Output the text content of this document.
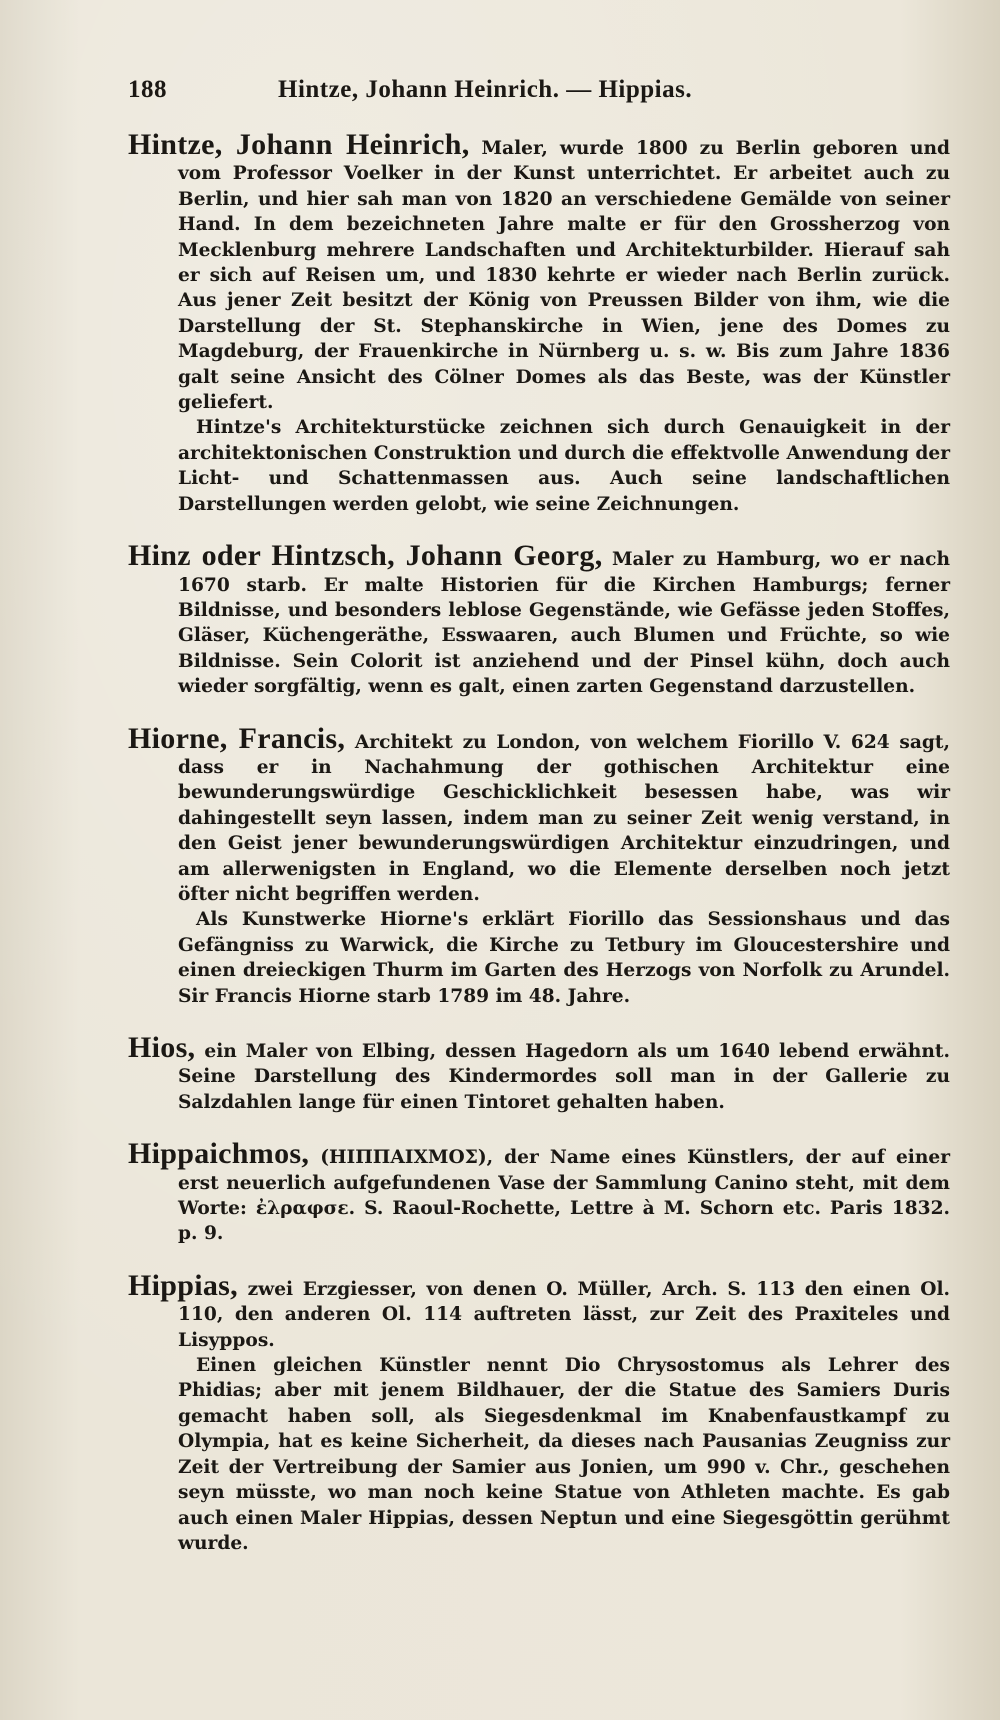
188	Hintze, Johann Heinrich. — Hippias.

Hintze, Johann Heinrich, Maler, wurde 1800 zu Berlin geboren und vom Professor Voelker in der Kunst unterrichtet. Er arbeitet auch zu Berlin, und hier sah man von 1820 an verschiedene Gemälde von seiner Hand. In dem bezeichneten Jahre malte er für den Grossherzog von Mecklenburg mehrere Landschaften und Architekturbilder. Hierauf sah er sich auf Reisen um, und 1830 kehrte er wieder nach Berlin zurück. Aus jener Zeit besitzt der König von Preussen Bilder von ihm, wie die Darstellung der St. Stephanskirche in Wien, jene des Domes zu Magdeburg, der Frauenkirche in Nürnberg u. s. w. Bis zum Jahre 1836 galt seine Ansicht des Cölner Domes als das Beste, was der Künstler geliefert.

Hintze's Architekturstücke zeichnen sich durch Genauigkeit in der architektonischen Construktion und durch die effektvolle Anwendung der Licht- und Schattenmassen aus. Auch seine landschaftlichen Darstellungen werden gelobt, wie seine Zeichnungen.

Hinz oder Hintzsch, Johann Georg, Maler zu Hamburg, wo er nach 1670 starb. Er malte Historien für die Kirchen Hamburgs; ferner Bildnisse, und besonders leblose Gegenstände, wie Gefässe jeden Stoffes, Gläser, Küchengeräthe, Esswaaren, auch Blumen und Früchte, so wie Bildnisse. Sein Colorit ist anziehend und der Pinsel kühn, doch auch wieder sorgfältig, wenn es galt, einen zarten Gegenstand darzustellen.

Hiorne, Francis, Architekt zu London, von welchem Fiorillo V. 624 sagt, dass er in Nachahmung der gothischen Architektur eine bewunderungswürdige Geschicklichkeit besessen habe, was wir dahingestellt seyn lassen, indem man zu seiner Zeit wenig verstand, in den Geist jener bewunderungswürdigen Architektur einzudringen, und am allerwenigsten in England, wo die Elemente derselben noch jetzt öfter nicht begriffen werden.

Als Kunstwerke Hiorne's erklärt Fiorillo das Sessionshaus und das Gefängniss zu Warwick, die Kirche zu Tetbury im Gloucestershire und einen dreieckigen Thurm im Garten des Herzogs von Norfolk zu Arundel. Sir Francis Hiorne starb 1789 im 48. Jahre.

Hios, ein Maler von Elbing, dessen Hagedorn als um 1640 lebend erwähnt. Seine Darstellung des Kindermordes soll man in der Gallerie zu Salzdahlen lange für einen Tintoret gehalten haben.

Hippaichmos, (ΗΙΠΠΑΙΧΜΟΣ), der Name eines Künstlers, der auf einer erst neuerlich aufgefundenen Vase der Sammlung Canino steht, mit dem Worte: ἐλραφσε. S. Raoul-Rochette, Lettre à M. Schorn etc. Paris 1832. p. 9.

Hippias, zwei Erzgiesser, von denen O. Müller, Arch. S. 113 den einen Ol. 110, den anderen Ol. 114 auftreten lässt, zur Zeit des Praxiteles und Lisyppos.

Einen gleichen Künstler nennt Dio Chrysostomus als Lehrer des Phidias; aber mit jenem Bildhauer, der die Statue des Samiers Duris gemacht haben soll, als Siegesdenkmal im Knabenfaustkampf zu Olympia, hat es keine Sicherheit, da dieses nach Pausanias Zeugniss zur Zeit der Vertreibung der Samier aus Jonien, um 990 v. Chr., geschehen seyn müsste, wo man noch keine Statue von Athleten machte. Es gab auch einen Maler Hippias, dessen Neptun und eine Siegesgöttin gerühmt wurde.
